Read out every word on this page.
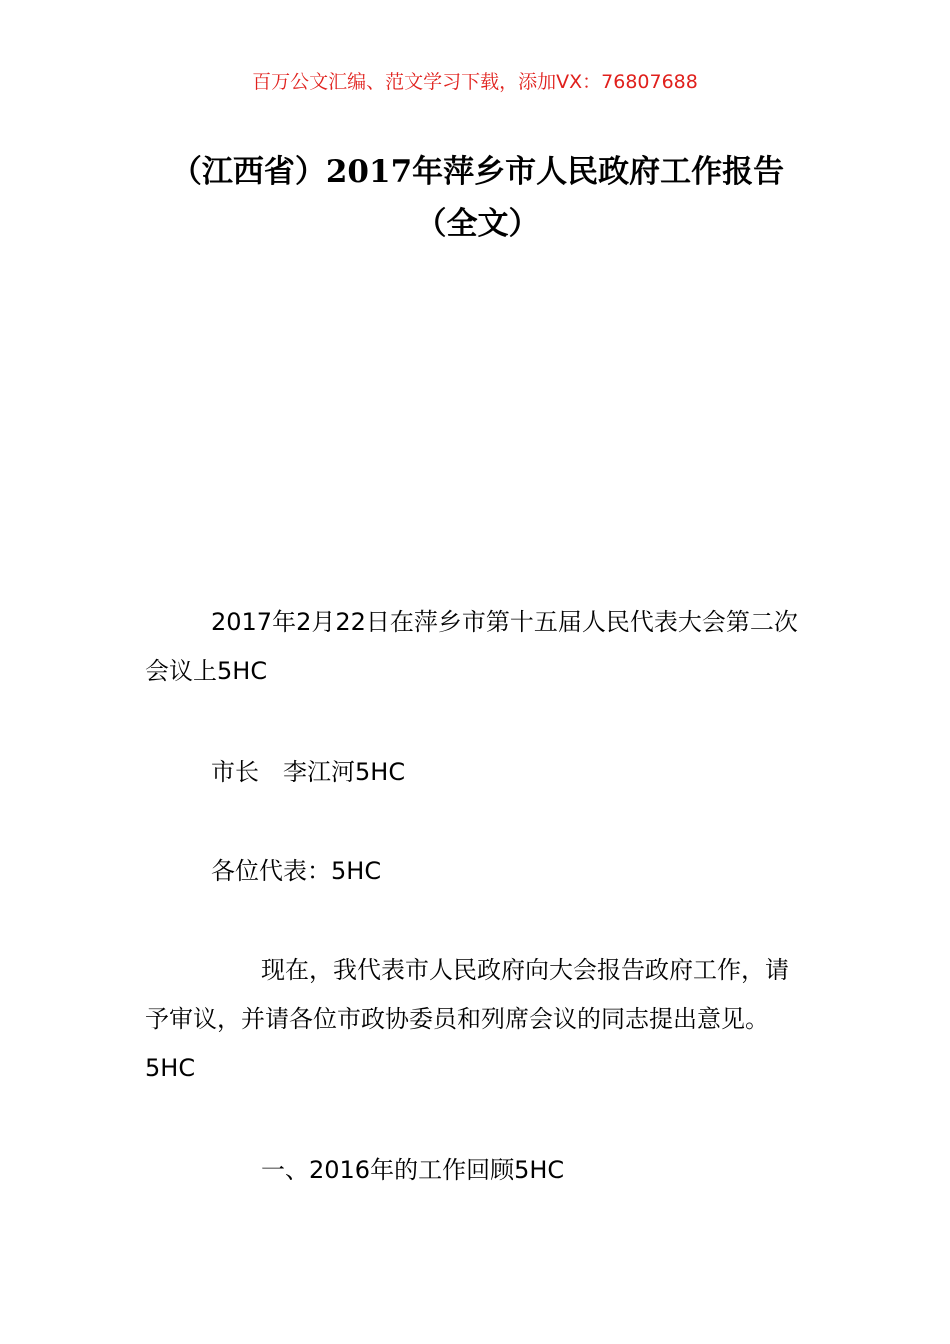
百万公文汇编、范文学习下载，添加VX：76807688
（江西省）2017年萍乡市人民政府工作报告（全文）

2017年2月22日在萍乡市第十五届人民代表大会第二次会议上5HC

市长　李江河5HC

各位代表：5HC

现在，我代表市人民政府向大会报告政府工作，请予审议，并请各位市政协委员和列席会议的同志提出意见。5HC

一、2016年的工作回顾5HC
